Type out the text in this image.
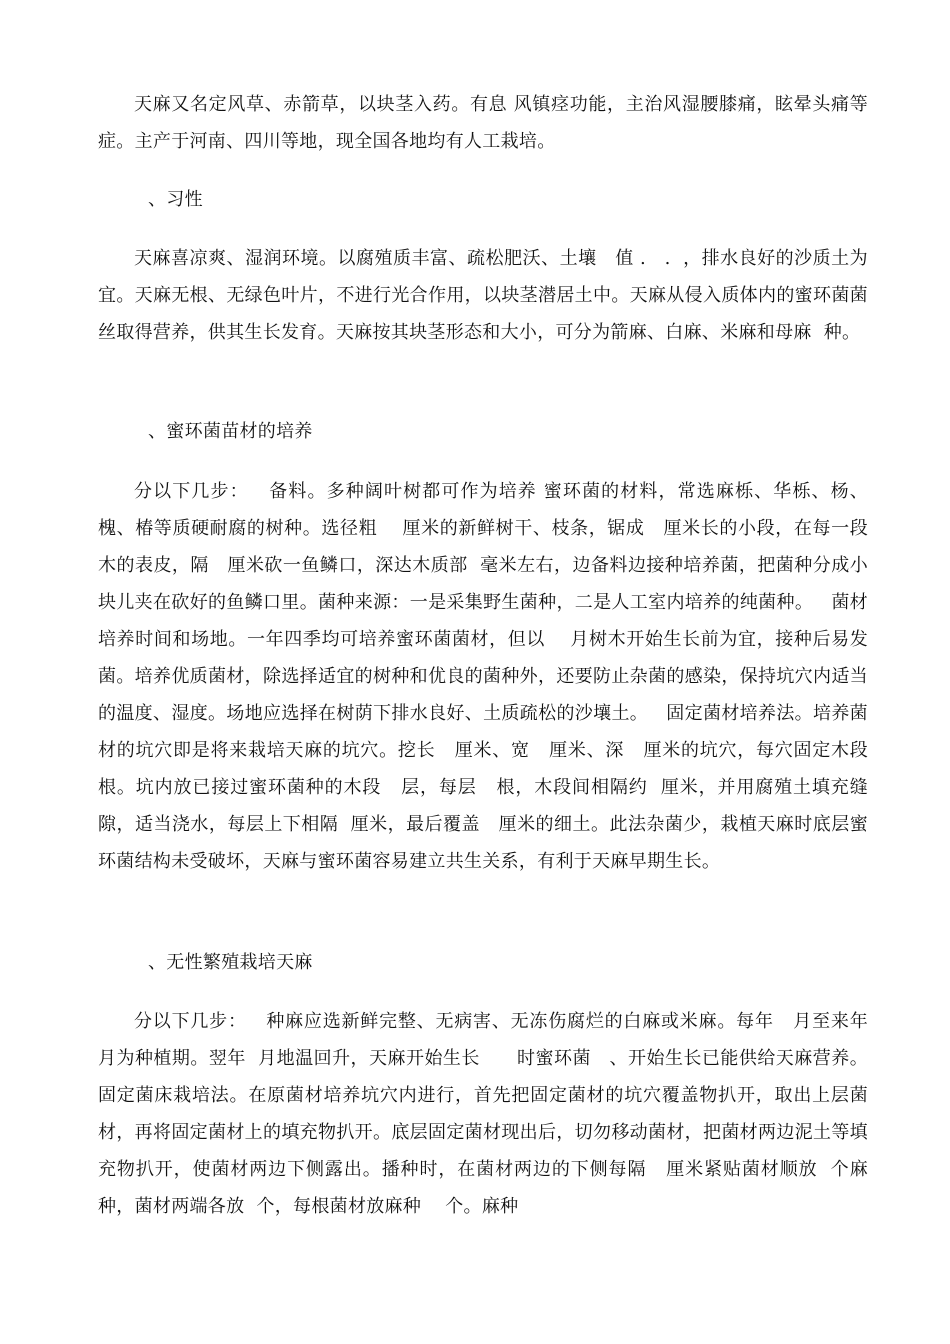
天麻又名定风草、赤箭草，以块茎入药。有息 风镇痉功能，主治风湿腰膝痛，眩晕头痛等症。主产于河南、四川等地，现全国各地均有人工栽培。

、习性

天麻喜凉爽、湿润环境。以腐殖质丰富、疏松肥沃、土壤   值 .   .  ，排水良好的沙质土为宜。天麻无根、无绿色叶片，不进行光合作用，以块茎潜居土中。天麻从侵入质体内的蜜环菌菌丝取得营养，供其生长发育。天麻按其块茎形态和大小，可分为箭麻、白麻、米麻和母麻  种。

、蜜环菌苗材的培养

分以下几步：   备料。多种阔叶树都可作为培养 蜜环菌的材料，常选麻栎、华栎、杨、槐、椿等质硬耐腐的树种。选径粗    厘米的新鲜树干、枝条，锯成   厘米长的小段，在每一段木的表皮，隔   厘米砍一鱼鳞口，深达木质部  毫米左右，边备料边接种培养菌，把菌种分成小块儿夹在砍好的鱼鳞口里。菌种来源：一是采集野生菌种，二是人工室内培养的纯菌种。   菌材培养时间和场地。一年四季均可培养蜜环菌菌材，但以    月树木开始生长前为宜，接种后易发菌。培养优质菌材，除选择适宜的树种和优良的菌种外，还要防止杂菌的感染，保持坑穴内适当的温度、湿度。场地应选择在树荫下排水良好、土质疏松的沙壤土。   固定菌材培养法。培养菌材的坑穴即是将来栽培天麻的坑穴。挖长   厘米、宽   厘米、深   厘米的坑穴，每穴固定木段    根。坑内放已接过蜜环菌种的木段   层，每层   根，木段间相隔约  厘米，并用腐殖土填充缝隙，适当浇水，每层上下相隔  厘米，最后覆盖   厘米的细土。此法杂菌少，栽植天麻时底层蜜环菌结构未受破坏，天麻与蜜环菌容易建立共生关系，有利于天麻早期生长。

、无性繁殖栽培天麻

分以下几步：   种麻应选新鲜完整、无病害、无冻伤腐烂的白麻或米麻。每年   月至来年  月为种植期。翌年  月地温回升，天麻开始生长      时蜜环菌   、开始生长已能供给天麻营养。   固定菌床栽培法。在原菌材培养坑穴内进行，首先把固定菌材的坑穴覆盖物扒开，取出上层菌材，再将固定菌材上的填充物扒开。底层固定菌材现出后，切勿移动菌材，把菌材两边泥土等填充物扒开，使菌材两边下侧露出。播种时，在菌材两边的下侧每隔   厘米紧贴菌材顺放  个麻种，菌材两端各放  个，每根菌材放麻种    个。麻种
